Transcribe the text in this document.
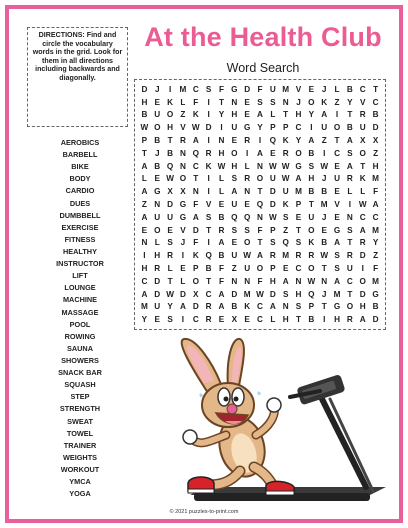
DIRECTIONS: Find and circle the vocabulary words in the grid. Look for them in all directions including backwards and diagonally.
At the Health Club
Word Search
AEROBICS
BARBELL
BIKE
BODY
CARDIO
DUES
DUMBBELL
EXERCISE
FITNESS
HEALTHY
INSTRUCTOR
LIFT
LOUNGE
MACHINE
MASSAGE
POOL
ROWING
SAUNA
SHOWERS
SNACK BAR
SQUASH
STEP
STRENGTH
SWEAT
TOWEL
TRAINER
WEIGHTS
WORKOUT
YMCA
YOGA
D J	I	M C S F G D F U M V E J L B C T
H E K L F	I	T N E S S N J O K Z Y V C
B U O Z K	I	Y H E A L T H Y A	I	T R B
W O H V W D	I	U G Y P P C	I	U O B U D
P B T R A	I	N E R	I	Q K Y A Z T A X X
T J B N Q R H O	I	A E R O B	I	C S O Z
A B Q N C K W H L N W W G S W E A T H
L E W O T	I	L S R O U W A H J U R K M
A G X X N	I	L A N T D U M B B E L L F
Z N D G F V E U E Q D K P T M V	I W A
A U U G A S B Q Q N W S E U J E N C C
E O E V D T R S S F P Z T O E G S A M
N L S J F	I	A E O T S Q S K B A T R Y
I	H R	I	K Q B U W A R M R R W S R D Z
H R L E P B F Z U O P E C O T S U	I	F
C D T L O T F N N F H A N W N A C O M
A D W D X C A D M W D S H Q J M T D G
M U Y A D R A B K C A N S P T G O H B
Y E S	I	C R E X E C L H T B	I	H R A D
© 2021 puzzles-to-print.com
